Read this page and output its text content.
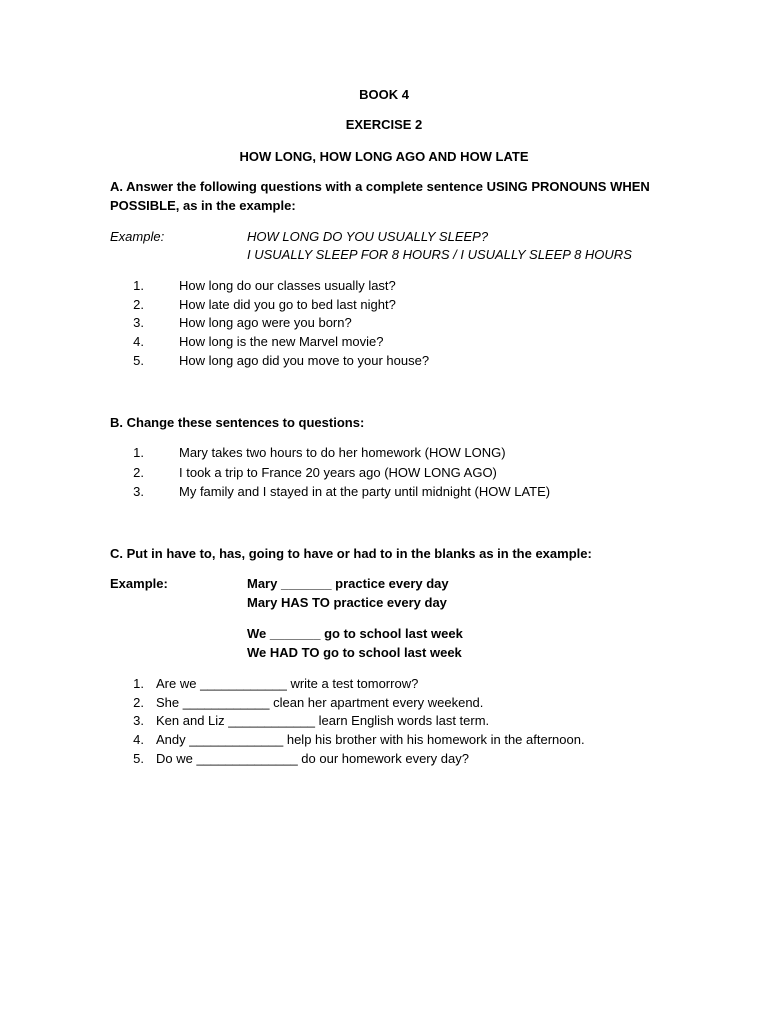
BOOK 4
EXERCISE 2
HOW LONG, HOW LONG AGO AND HOW LATE
A. Answer the following questions with a complete sentence USING PRONOUNS WHEN
POSSIBLE, as in the example:
Example:	HOW LONG DO YOU USUALLY SLEEP?
I USUALLY SLEEP FOR 8 HOURS / I USUALLY SLEEP 8 HOURS
1.	How long do our classes usually last?
2.	How late did you go to bed last night?
3.	How long ago were you born?
4.	How long is the new Marvel movie?
5.	How long ago did you move to your house?
B. Change these sentences to questions:
1.	Mary takes two hours to do her homework (HOW LONG)
2.	I took a trip to France 20 years ago (HOW LONG AGO)
3.	My family and I stayed in at the party until midnight (HOW LATE)
C. Put in have to, has, going to have or had to in the blanks as in the example:
Example:	Mary _______ practice every day
Mary HAS TO practice every day
We _______ go to school last week
We HAD TO go to school last week
1. Are we ____________ write a test tomorrow?
2. She ____________ clean her apartment every weekend.
3. Ken and Liz ____________ learn English words last term.
4. Andy _____________ help his brother with his homework in the afternoon.
5. Do we ______________ do our homework every day?
